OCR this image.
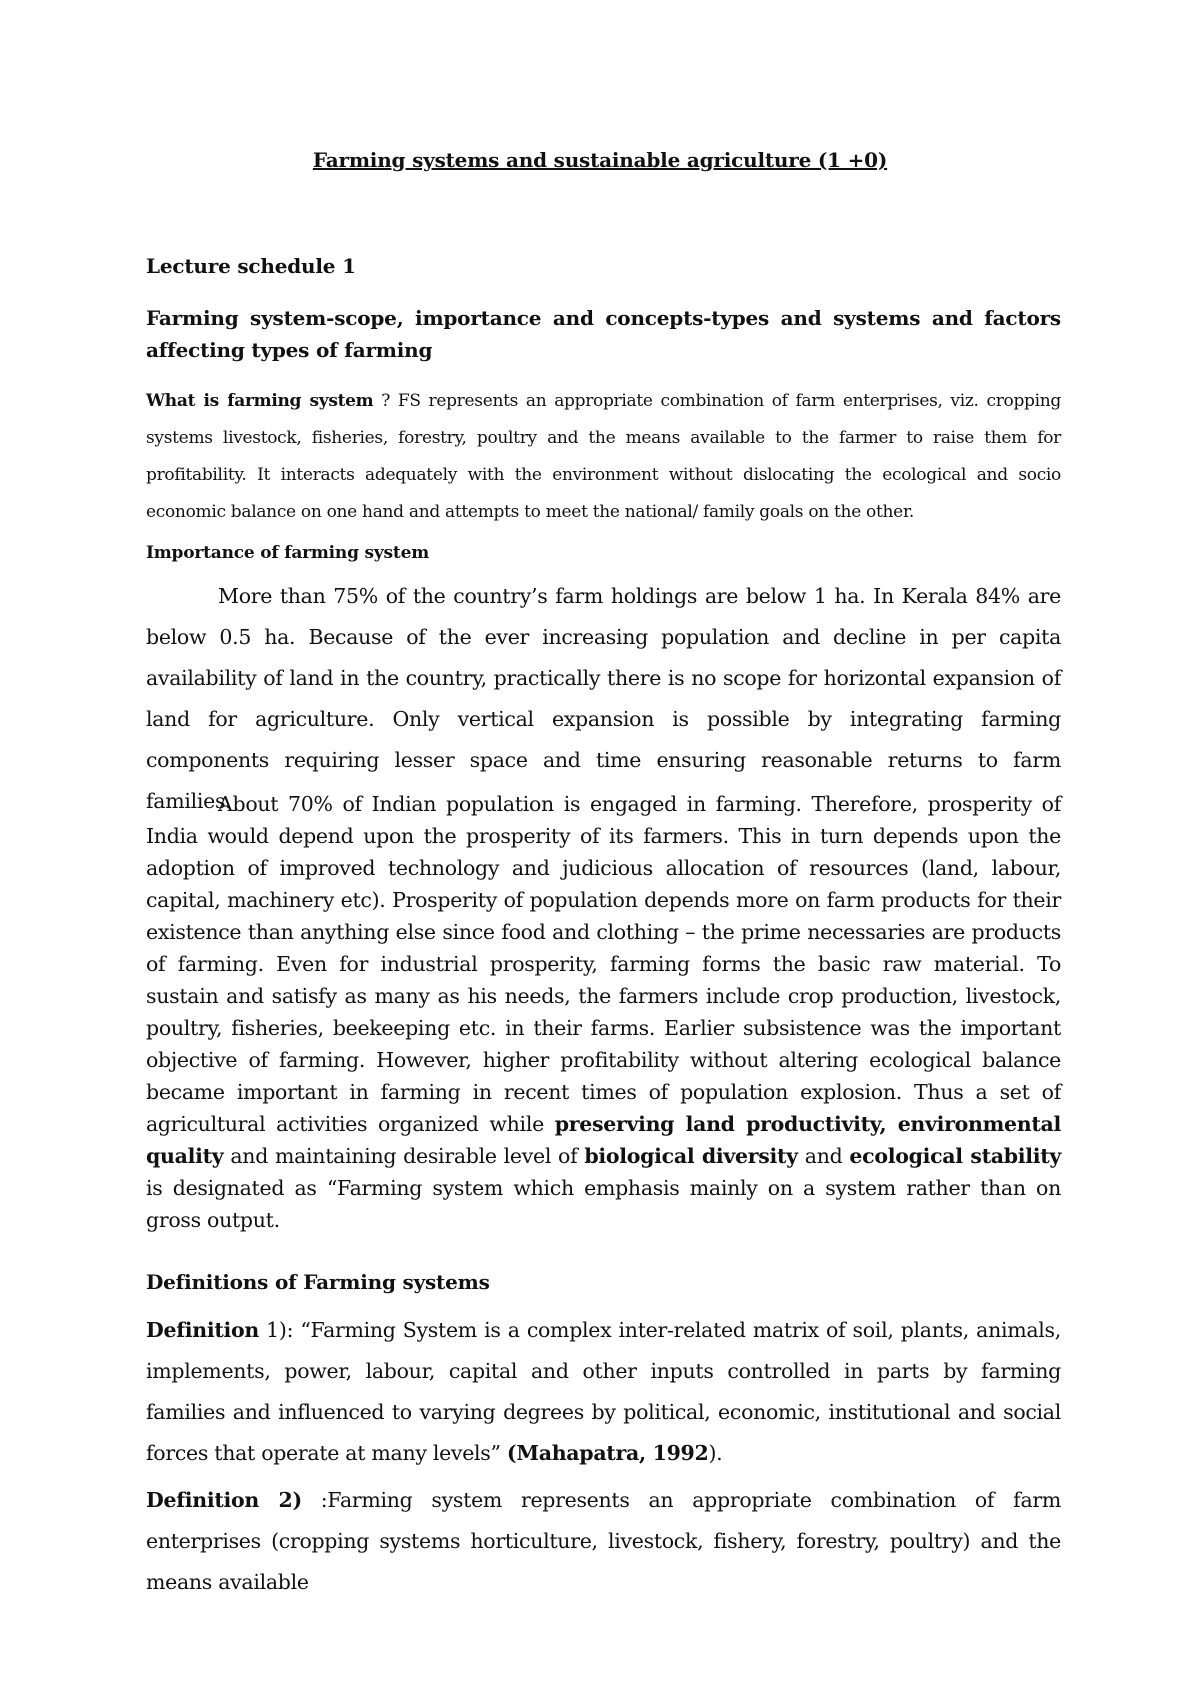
Farming systems and sustainable agriculture (1 +0)

Lecture schedule 1

Farming system-scope, importance and concepts-types and systems and factors affecting types of farming

What is farming system ? FS represents an appropriate combination of farm enterprises, viz. cropping systems livestock, fisheries, forestry, poultry and the means available to the farmer to raise them for profitability. It interacts adequately with the environment without dislocating the ecological and socio economic balance on one hand and attempts to meet the national/ family goals on the other.

Importance of farming system

More than 75% of the country’s farm holdings are below 1 ha. In Kerala 84% are below 0.5 ha. Because of the ever increasing population and decline in per capita availability of land in the country, practically there is no scope for horizontal expansion of land for agriculture. Only vertical expansion is possible by integrating farming components requiring lesser space and time ensuring reasonable returns to farm families.

About 70% of Indian population is engaged in farming. Therefore, prosperity of India would depend upon the prosperity of its farmers. This in turn depends upon the adoption of improved technology and judicious allocation of resources (land, labour, capital, machinery etc). Prosperity of population depends more on farm products for their existence than anything else since food and clothing – the prime necessaries are products of farming. Even for industrial prosperity, farming forms the basic raw material. To sustain and satisfy as many as his needs, the farmers include crop production, livestock, poultry, fisheries, beekeeping etc. in their farms. Earlier subsistence was the important objective of farming. However, higher profitability without altering ecological balance became important in farming in recent times of population explosion. Thus a set of agricultural activities organized while preserving land productivity, environmental quality and maintaining desirable level of biological diversity and ecological stability is designated as “Farming system which emphasis mainly on a system rather than on gross output.

Definitions of Farming systems

Definition 1): “Farming System is a complex inter-related matrix of soil, plants, animals, implements, power, labour, capital and other inputs controlled in parts by farming families and influenced to varying degrees by political, economic, institutional and social forces that operate at many levels” (Mahapatra, 1992).

Definition 2) :Farming system represents an appropriate combination of farm enterprises (cropping systems horticulture, livestock, fishery, forestry, poultry) and the means available
